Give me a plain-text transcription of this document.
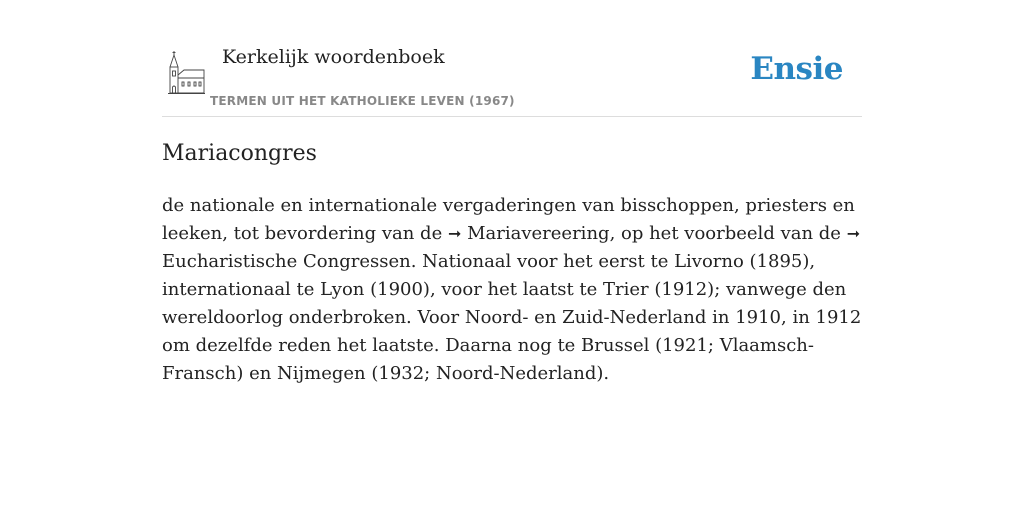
Kerkelijk woordenboek
TERMEN UIT HET KATHOLIEKE LEVEN (1967)
Ensie
Mariacongres

de nationale en internationale vergaderingen van bisschoppen, priesters en leeken, tot bevordering van de ➞ Mariavereering, op het voorbeeld van de ➞ Eucharistische Congressen. Nationaal voor het eerst te Livorno (1895), internationaal te Lyon (1900), voor het laatst te Trier (1912); vanwege den wereldoorlog onderbroken. Voor Noord- en Zuid-Nederland in 1910, in 1912 om dezelfde reden het laatste. Daarna nog te Brussel (1921; Vlaamsch-Fransch) en Nijmegen (1932; Noord-Nederland).
